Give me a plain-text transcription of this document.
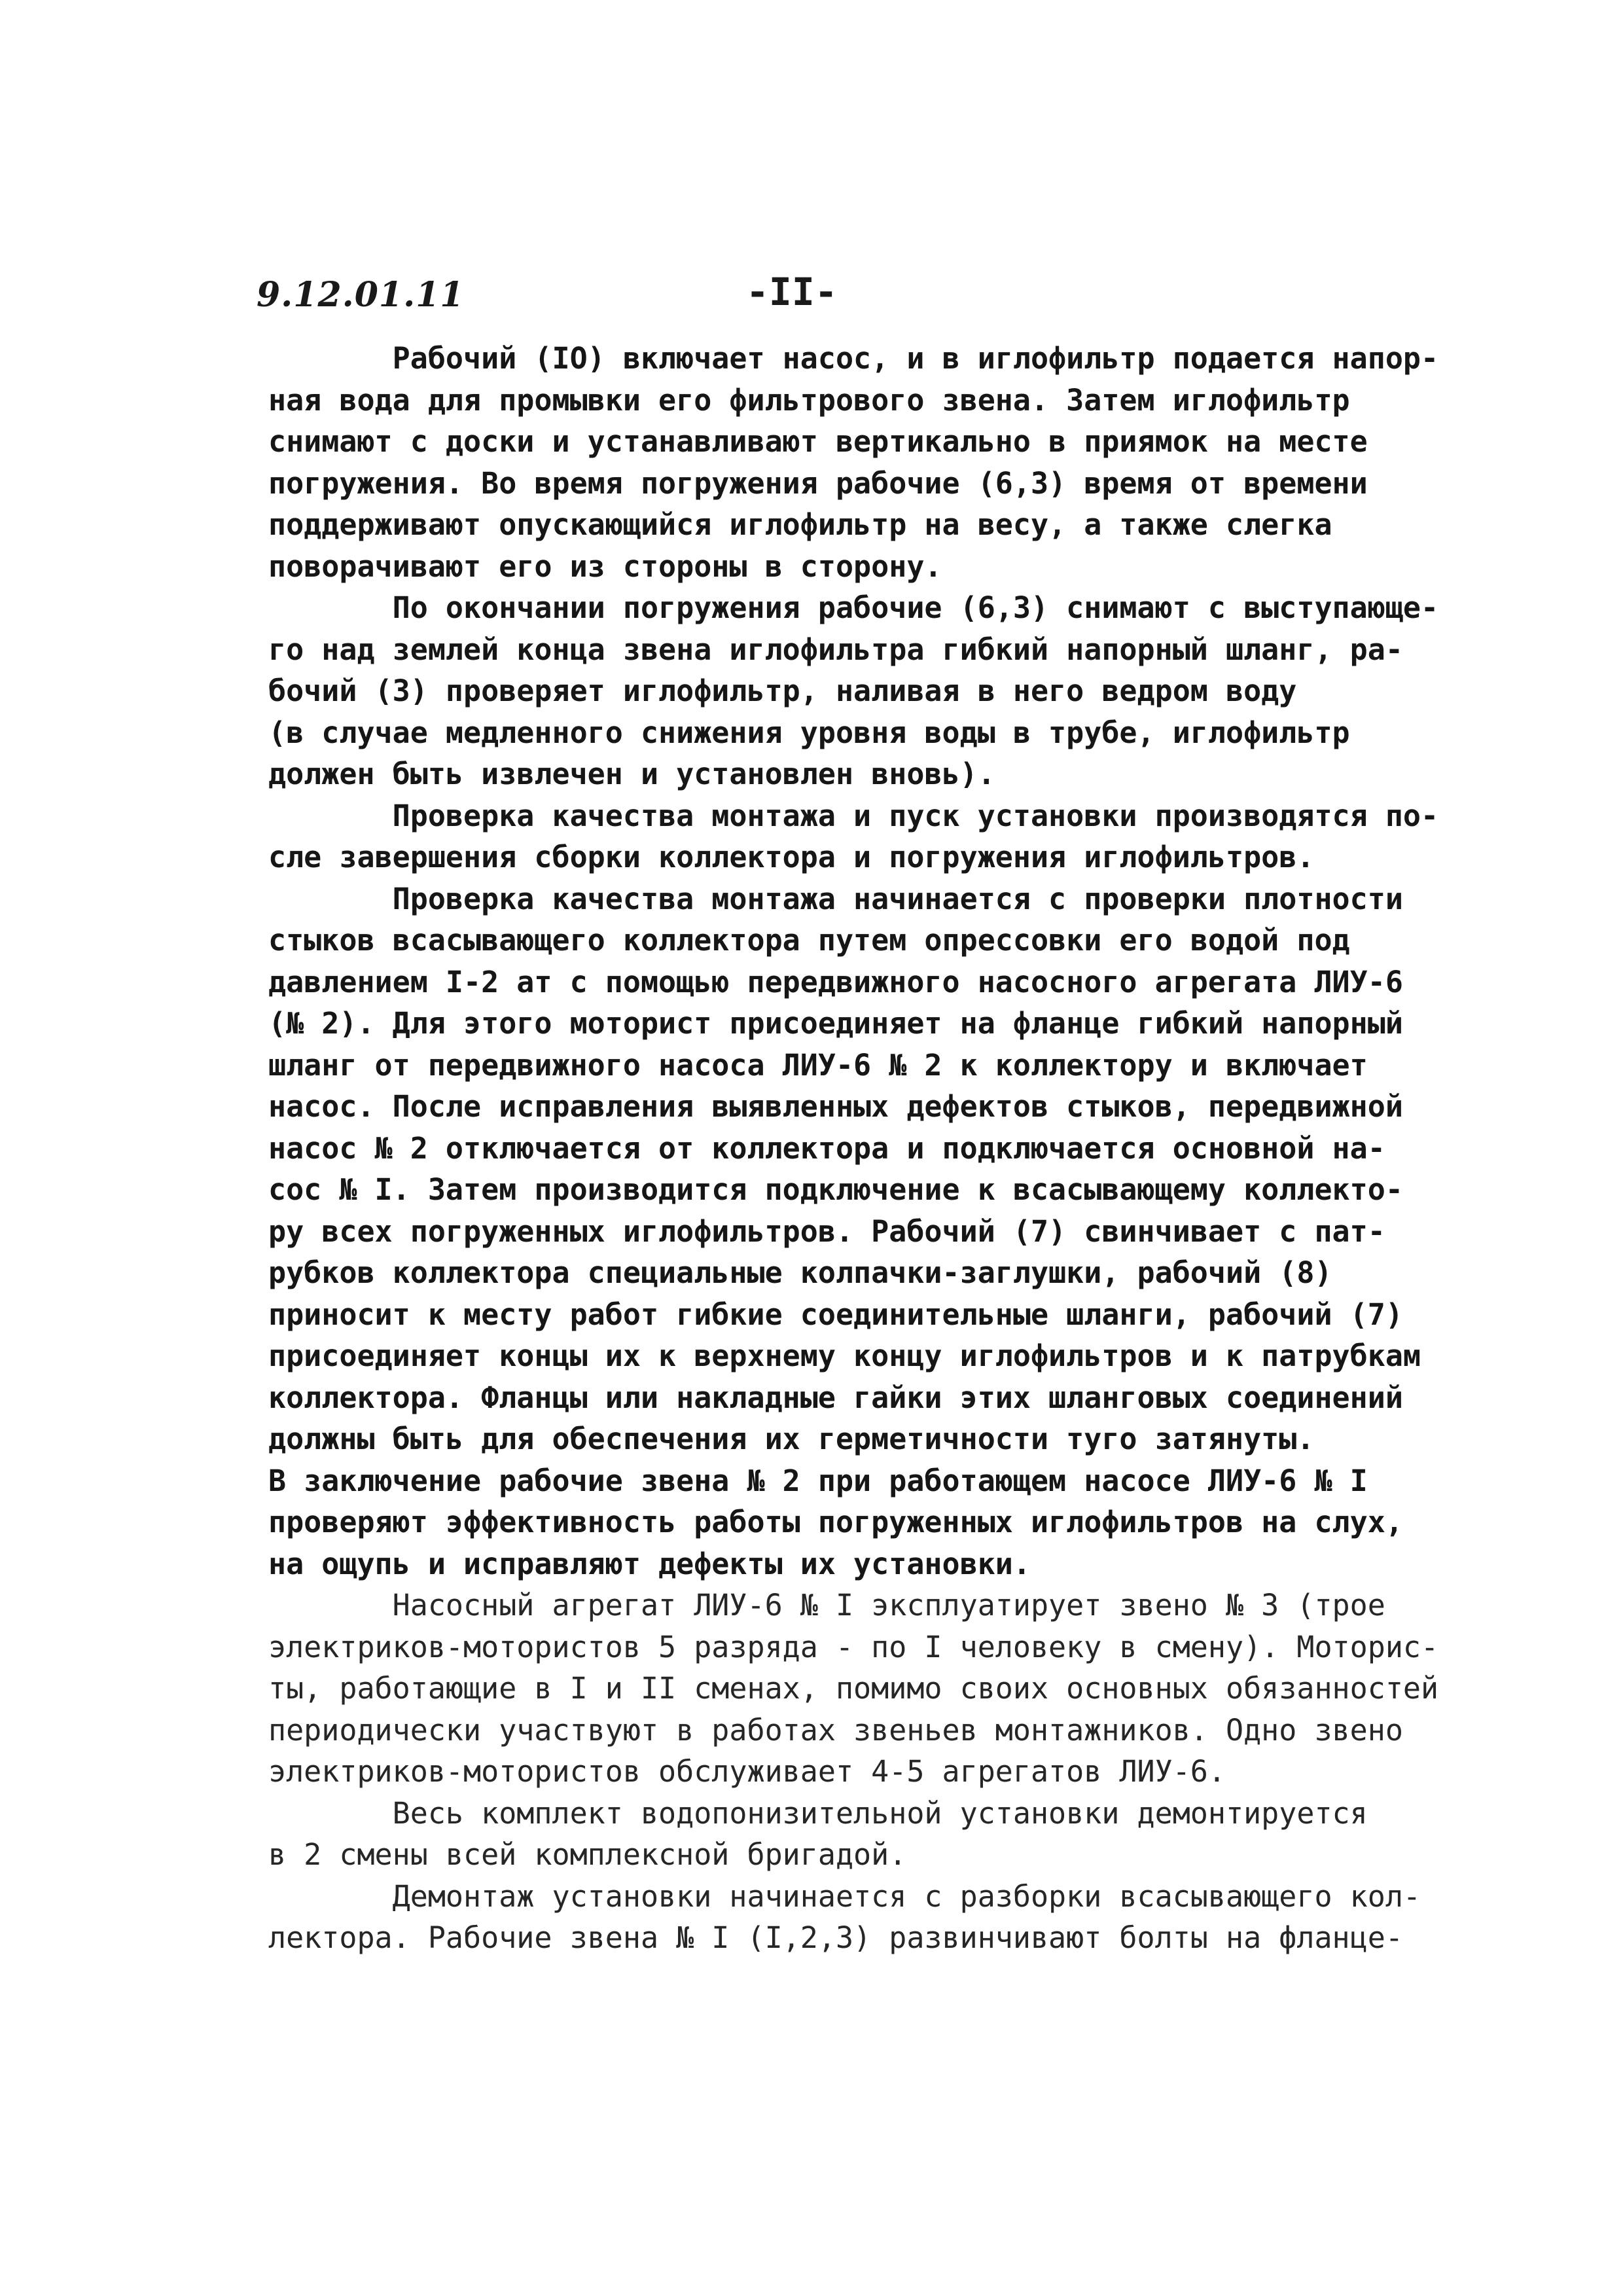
9.12.01.11	-II-
Рабочий (IO) включает насос, и в иглофильтр подается напор-
ная вода для промывки его фильтрового звена. Затем иглофильтр
снимают с доски и устанавливают вертикально в приямок на месте
погружения. Во время погружения рабочие (6,3) время от времени
поддерживают опускающийся иглофильтр на весу, а также слегка
поворачивают его из стороны в сторону.
По окончании погружения рабочие (6,3) снимают с выступающе-
го над землей конца звена иглофильтра гибкий напорный шланг, ра-
бочий (3) проверяет иглофильтр, наливая в него ведром воду
(в случае медленного снижения уровня воды в трубе, иглофильтр
должен быть извлечен и установлен вновь).
Проверка качества монтажа и пуск установки производятся по-
сле завершения сборки коллектора и погружения иглофильтров.
Проверка качества монтажа начинается с проверки плотности
стыков всасывающего коллектора путем опрессовки его водой под
давлением I-2 ат с помощью передвижного насосного агрегата ЛИУ-6
(№ 2). Для этого моторист присоединяет на фланце гибкий напорный
шланг от передвижного насоса ЛИУ-6 № 2 к коллектору и включает
насос. После исправления выявленных дефектов стыков, передвижной
насос № 2 отключается от коллектора и подключается основной на-
сос № I. Затем производится подключение к всасывающему коллекто-
ру всех погруженных иглофильтров. Рабочий (7) свинчивает с пат-
рубков коллектора специальные колпачки-заглушки, рабочий (8)
приносит к месту работ гибкие соединительные шланги, рабочий (7)
присоединяет концы их к верхнему концу иглофильтров и к патрубкам
коллектора. Фланцы или накладные гайки этих шланговых соединений
должны быть для обеспечения их герметичности туго затянуты.
В заключение рабочие звена № 2 при работающем насосе ЛИУ-6 № I
проверяют эффективность работы погруженных иглофильтров на слух,
на ощупь и исправляют дефекты их установки.
Насосный агрегат ЛИУ-6 № I эксплуатирует звено № 3 (трое
электриков-мотористов 5 разряда - по I человеку в смену). Моторис-
ты, работающие в I и II сменах, помимо своих основных обязанностей
периодически участвуют в работах звеньев монтажников. Одно звено
электриков-мотористов обслуживает 4-5 агрегатов ЛИУ-6.
Весь комплект водопонизительной установки демонтируется
в 2 смены всей комплексной бригадой.
Демонтаж установки начинается с разборки всасывающего кол-
лектора. Рабочие звена № I (I,2,3) развинчивают болты на фланце-
